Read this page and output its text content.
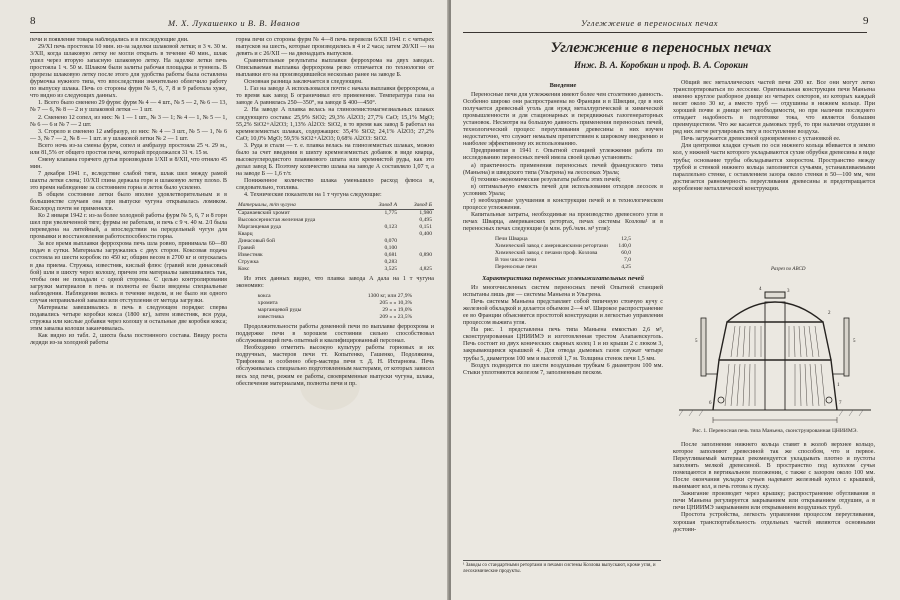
8	М. Х. Лукашенко и В. В. Иванов

печи и появление товара наблюдались и в последующие дни.

29/XI печь простояла 10 мин. из-за заделки шлаковой летки; в 3 ч. 30 м. 3/XII, когда шлаковую летку не могли открыть в течение 40 мин., шлак ушел через вторую запасную шлаковую летку. На заделке летки печь простояла 1 ч. 50 м. Шлаком были залиты рабочая площадка и туннель. В прорезы шлаковую летку после этого для удобства работы была оставлена фурмочка нужного типа, что впоследствии значительно облегчило работу по выпуску шлака. Печь со стороны фурм № 5, 6, 7, 8 и 9 работала хуже, что видно из следующих данных.

1. Всего было сменено 29 фурм: фурм № 4 — 4 шт., № 5 — 2, № 6 — 13, № 7 — 6, № 8 — 2 и у шлаковой летки — 1 шт.

2. Сменено 12 сопел, из них: № 1 — 1 шт., № 3 — 1; № 4 — 1, № 5 — 1, № 6 — 6 и № 7 — 2 шт.

3. Сгорело и сменено 12 амбразур, из них: № 4 — 3 шт., № 5 — 1, № 6 — 3, № 7 — 2, № 8 — 1 шт. и у шлаковой летки № 2 — 1 шт.

Всего ночь из-за смены фурм, сопел и амбразур простояла 25 ч. 29 м., или 81,5% от общего простоя печи, который продолжался 31 ч. 15 м.

Смену клапана горячего дутья производили 1/XII и 8/XII, что отняло 45 мин.

7 декабря 1941 г., вследствие слабой тяги, шлак шел между рамой шахты летки слева; 10/XII глина держала горн и шлаковую летку плохо. В это время наблюдение за состоянием горна и леток было усилено.

В общем состояние летки было вполне удовлетворительным и в большинстве случаев она при выпуске чугуна открывалась ломиком. Кислород почти не применялся.

Ко 2 января 1942 г. из-за более холодной работы фурм № 5, 6, 7 и 8 горн шел при увеличенной тяге; фурмы не работали, и печь с 9 ч. 40 м. 2/I была переведена на литейный, а впоследствии на передельный чугун для промывки и восстановления работоспособности горна.

За все время выплавки феррохрома печь шла ровно, принимала 60—80 подач в сутки. Материалы загружались с двух сторон. Коксовая подача состояла из шести коробок по 450 кг, общим весом в 2700 кг и опускалась в два приема. Стружка, известняк, кислый флюс (гравий или динасовый бой) шли в шихту через колошу, причем эти материалы завешивались так, чтобы они не попадали с одной стороны. С целью контролирования загрузки материалов в печь и полноты ее были введены специальные наблюдения. Наблюдения велись в течение недели, и не было ни одного случая неправильной завалки или отступления от метода загрузки.

Материалы завешивались в печь в следующем порядке: сперва подавались четыре коробки кокса (1800 кг), затем известняк, вся руда, стружка или кислые добавки через колошу и остальные две коробки кокса; этим завалка колоши заканчивалась.

Как видно из табл. 2, шихта была постоянного состава. Ввиду роста ледяди из-за холодной работы

горна печи со стороны фурм № 4—8 печь перевели 6/XII 1941 г. с четырех выпусков на шесть, которые производились в 4 и 2 часа; затем 20/XII — на девять и с 26/XII — на двенадцать выпусков.

Сравнительные результаты выплавки феррохрома на двух заводах. Описываемая выплавка феррохрома резко отличается по технологии от выплавки его на производившейся несколько ранее на заводе Б.

Основная разница заключается в следующем.

1. Газ на заводе А использовался почти с начала выплавки феррохрома, а то время как завод Б ограничивал его применение. Температура газа на заводе А равнялась 250—350°, на заводе Б 400—450°.

2. На заводе А плавка велась на глиноземистомагнезиальных шлаках следующего состава: 25,9% SiO2; 29,3% Al2O3; 27,7% CaO; 15,1% MgO; 55,2% SiO2+Al2O3; 1,13% Al2O3: SiO2, в то время как завод Б работал на кремнеземистых шлаках, содержащих: 35,4% SiO2; 24,1% Al2O3; 27,2% CaO; 10,0% MgO; 59,5% SiO2+Al2O3; 0,68% Al2O3: SiO2.

3. Руда и стали — т. е. плавка велась на глиноземистых шлаках, можно было за счет введения в шихту кремнеземистых добавок в виде кварца, высокоуглеродистого плавикового шпата или кремнистой руды, как это делал завод Б. Поэтому количество шлака на заводе А составляло 1,07 т, а на заводе Б — 1,6 т/т.

Пониженное количество шлака уменьшило расход флюса и, следовательно, топлива.

4. Технические показатели на 1 т чугуна следующие:

Материалы, т/т чугуна	Завод А	Завод Б
Саранаевский хромит	1,775	1,980
Высокосернистая железная руда		0,495
Марганцевая руда	0,123	0,151
Кварц		0,400
Динасовый бой	0,070	
Гравий	0,100	
Известняк	0,681	0,890
Стружка	0,283	
Кокс	3,525	4,825

Из этих данных видно, что плавка завода А дала на 1 т чугуна экономию:

кокса	1300 кг, или 27,9%
хромита	205 » » 10,3%
марганцевой руды	29 » » 19,0%
известняка	209 » » 23,5%

Продолжительности работы доменной печи по выплавке феррохрома и поддержке печи в хорошем состоянии сильно способствовал обслуживающий печь опытный и квалифицированный персонал.

Необходимо отметить высокую культуру работы горновых и их подручных, мастеров печи тт. Копытенко, Гашенко, Подолякина, Трифонова и особенно обер-мастера печи т. Д. Н. Ихтарнова. Печь обслуживалась специально подготовленным мастерами, от которых зависел весь ход печи, режим ее работы, своевременные выпуски чугуна, шлака, обеспечение материалами, полноты печи и пр.

Углежжение в переносных печах	9
Углежжение в переносных печах
Инж. В. А. Коробкин и проф. В. А. Сорокин
Введение

Переносные печи для углежжения имеют более чем столетнюю давность. Особенно широко они распространены во Франции и в Швеции, где в них получается древесный уголь для нужд металлургической и химической промышленности и для стационарных и передвижных газогенераторных установок. Несмотря на большую давность применения переносных печей, технологический процесс переугливания древесины в них изучен недостаточно, что служит немалым препятствием к широкому внедрению и наиболее эффективному их использованию.

Предпринятая в 1941 г. Опытной станцией углежжения работа по исследованию переносных печей имела своей целью установить:

а) практичность применения переносных печей французского типа (Маньена) и шведского типа (Ульгрена) на лесосеках Урала;

б) технико-экономические результаты работы этих печей;

в) оптимальную емкость печей для использования отходов лесосек в условиях Урала;

г) необходимые улучшения в конструкции печей и в технологическом процессе углежжения.

Капитальные затраты, необходимые на производство древесного угля в печах Шварца, американских ретортах, печах системы Козлова¹ и в переносных печах следующие (в млн. руб./млн. м³ угля):

Печи Шварца	12,5
Химический завод с американскими ретортами	140,0
Химический завод с печами проф. Козлова	60,0
В том числе печи	7,0
Переносные печи	4,25
Характеристика переносных углевыжигательных печей

Из многочисленных систем переносных печей Опытной станцией испытаны лишь две — системы Маньена и Ульгрена.

Печь системы Маньена представляет собой типичную стоячую кучу с железной обкладкой и делается объемом 2—4 м³. Широкое распространение ее во Франции объясняется простотой конструкции и легкостью управления процессом выжига угля.

На рис. 1 представлена печь типа Маньена емкостью 2,6 м³, сконструированная ЦНИИМЭ и изготовленная трестом Алапаевскуголь. Печь состоит из двух конических сварных колец 1 и из крыши 2 с люком 3, закрывающимся крышкой 4. Для отвода дымовых газов служат четыре трубы 5, диаметром 100 мм и высотой 1,7 м. Толщина стенок печи 1,5 мм.

Воздух подводится по шести воздушным трубкам 6 диаметром 100 мм. Стыки уплотняются железом 7, заполненным песком.

¹ Заводы со стандартными ретортами и печами системы Козлова выпускают, кроме угля, и лесохимические продукты.

Общий вес металлических частей печи 200 кг. Все они могут легко транспортироваться по лесосеке. Оригинальная конструкция печи Маньена именно круглое разборное днище из четырех секторов, из которых каждый весит около 30 кг, а вместо труб — отдушины в нижнем кольце. При хорошей почве и днище нет необходимости, но при наличии последнего отпадает надобность в подготовке тока, что является большим преимуществом. Что же касается дымовых труб, то при наличии отдушин в ряд них легче регулировать тягу и поступление воздуха.

Печь загружается древесиной одновременно с установкой ее.

Для центровки кладки сучьев по оси нижнего кольца вбивается в землю кол, у нижней части которого укладываются сухие обрубки древесины в виде трубы; основание трубы обкладывается хворостом. Пространство между трубой и стенкой нижнего кольца заполняется сучьями, устанавливаемыми параллельно стенке, с оставлением зазора около стенки в 50—100 мм, чем достигается равномерность переугливания древесины и предотвращается коробление металлической конструкции.

Разрез по ABCD
5	5
1
2
3
4
6	7
Рис. 1. Переносная печь типа Маньена, сконструированная ЦНИИМЭ.

После заполнения нижнего кольца ставят в жолоб верхнее кольцо, которое заполняют древесиной так же способом, что и первое. Переугливаемый материал рекомендуется укладывать плотно и пустоты заполнять мелкой древесиной. В пространство под куполом сучья помещаются в вертикальном положении, с также с зазором около 100 мм. После окончания укладки сучьев надевают железный купол с крышкой, вынимают кол, и печь готова к пуску.

Зажигание производят через крышку; распространение обугливания в печи Маньена регулируется закрыванием или открыванием отдушин, а в печи ЦНИИМЭ закрыванием или открыванием воздушных труб.

Простота устройства, легкость управления процессом переугливания, хорошая транспортабельность отдельных частей являются основными достоин-
